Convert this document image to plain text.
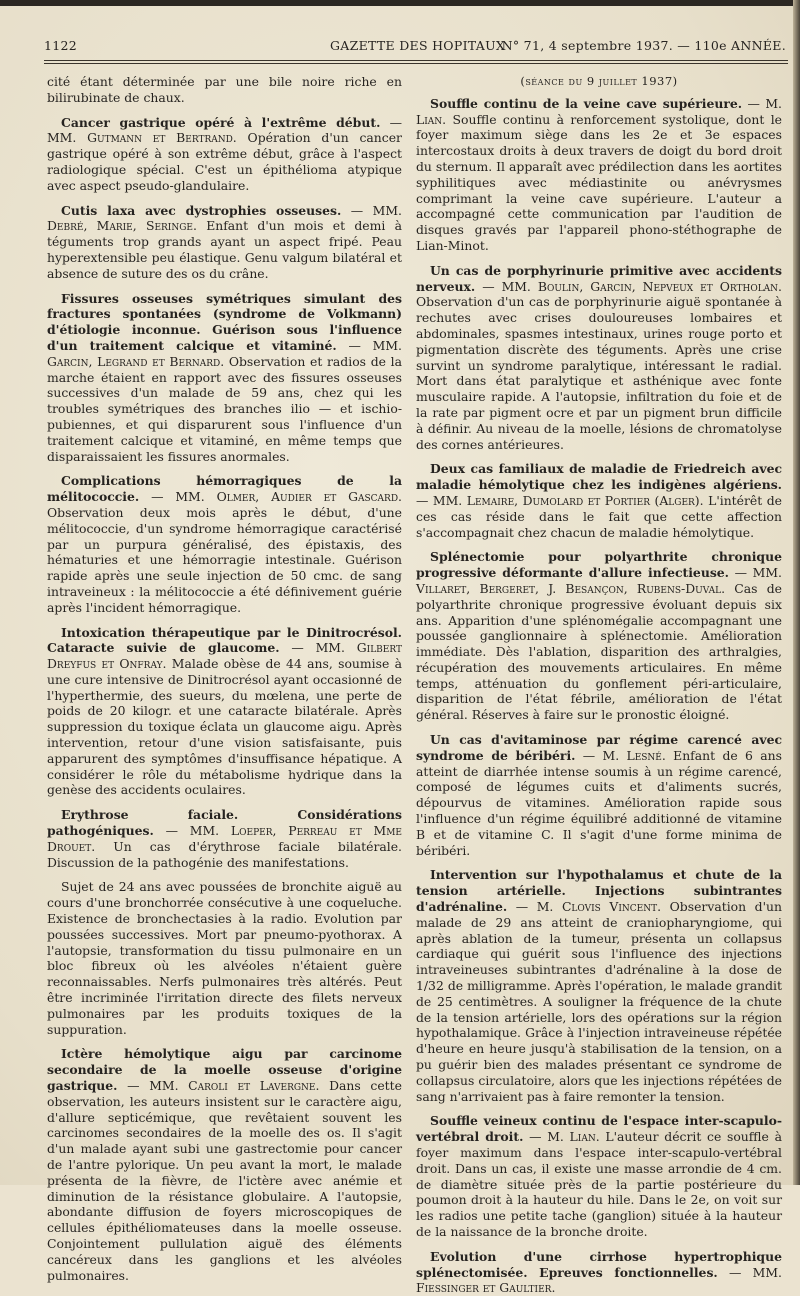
1122	GAZETTE DES HOPITAUX
N° 71, 4 septembre 1937. — 110e ANNÉE.

cité étant déterminée par une bile noire riche en bilirubinate de chaux.

Cancer gastrique opéré à l'extrême début. — MM. Gutmann et Bertrand. Opération d'un cancer gastrique opéré à son extrême début, grâce à l'aspect radiologique spécial. C'est un épithélioma atypique avec aspect pseudo-glandulaire.

Cutis laxa avec dystrophies osseuses. — MM. Debré, Marie, Seringe. Enfant d'un mois et demi à téguments trop grands ayant un aspect fripé. Peau hyperextensible peu élastique. Genu valgum bilatéral et absence de suture des os du crâne.

Fissures osseuses symétriques simulant des fractures spontanées (syndrome de Volkmann) d'étiologie inconnue. Guérison sous l'influence d'un traitement calcique et vitaminé. — MM. Garcin, Legrand et Bernard. Observation et radios de la marche étaient en rapport avec des fissures osseuses successives d'un malade de 59 ans, chez qui les troubles symétriques des branches ilio — et ischio-pubiennes, et qui disparurent sous l'influence d'un traitement calcique et vitaminé, en même temps que disparaissaient les fissures anormales.

Complications hémorragiques de la mélitococcie. — MM. Olmer, Audier et Gascard. Observation deux mois après le début, d'une mélitococcie, d'un syndrome hémorragique caractérisé par un purpura généralisé, des épistaxis, des hématuries et une hémorragie intestinale. Guérison rapide après une seule injection de 50 cmc. de sang intraveineux : la mélitococcie a été définivement guérie après l'incident hémorragique.

Intoxication thérapeutique par le Dinitrocrésol. Cataracte suivie de glaucome. — MM. Gilbert Dreyfus et Onfray. Malade obèse de 44 ans, soumise à une cure intensive de Dinitrocrésol ayant occasionné de l'hyperthermie, des sueurs, du mœlena, une perte de poids de 20 kilogr. et une cataracte bilatérale. Après suppression du toxique éclata un glaucome aigu. Après intervention, retour d'une vision satisfaisante, puis apparurent des symptômes d'insuffisance hépatique. A considérer le rôle du métabolisme hydrique dans la genèse des accidents oculaires.

Erythrose faciale. Considérations pathogéniques. — MM. Loeper, Perreau et Mme Drouet. Un cas d'érythrose faciale bilatérale. Discussion de la pathogénie des manifestations.

Sujet de 24 ans avec poussées de bronchite aiguë au cours d'une bronchorrée consécutive à une coqueluche. Existence de bronchectasies à la radio. Evolution par poussées successives. Mort par pneumo-pyothorax. A l'autopsie, transformation du tissu pulmonaire en un bloc fibreux où les alvéoles n'étaient guère reconnaissables. Nerfs pulmonaires très altérés. Peut être incriminée l'irritation directe des filets nerveux pulmonaires par les produits toxiques de la suppuration.

Ictère hémolytique aigu par carcinome secondaire de la moelle osseuse d'origine gastrique. — MM. Caroli et Lavergne. Dans cette observation, les auteurs insistent sur le caractère aigu, d'allure septicémique, que revêtaient souvent les carcinomes secondaires de la moelle des os. Il s'agit d'un malade ayant subi une gastrectomie pour cancer de l'antre pylorique. Un peu avant la mort, le malade présenta de la fièvre, de l'ictère avec anémie et diminution de la résistance globulaire. A l'autopsie, abondante diffusion de foyers microscopiques de cellules épithéliomateuses dans la moelle osseuse. Conjointement pullulation aiguë des éléments cancéreux dans les ganglions et les alvéoles pulmonaires.

(séance du 9 juillet 1937)

Souffle continu de la veine cave supérieure. — M. Lian. Souffle continu à renforcement systolique, dont le foyer maximum siège dans les 2e et 3e espaces intercostaux droits à deux travers de doigt du bord droit du sternum. Il apparaît avec prédilection dans les aortites syphilitiques avec médiastinite ou anévrysmes comprimant la veine cave supérieure. L'auteur a accompagné cette communication par l'audition de disques gravés par l'appareil phono-stéthographe de Lian-Minot.

Un cas de porphyrinurie primitive avec accidents nerveux. — MM. Boulin, Garcin, Nepveux et Ortholan. Observation d'un cas de porphyrinurie aiguë spontanée à rechutes avec crises douloureuses lombaires et abdominales, spasmes intestinaux, urines rouge porto et pigmentation discrète des téguments. Après une crise survint un syndrome paralytique, intéressant le radial. Mort dans état paralytique et asthénique avec fonte musculaire rapide. A l'autopsie, infiltration du foie et de la rate par pigment ocre et par un pigment brun difficile à définir. Au niveau de la moelle, lésions de chromatolyse des cornes antérieures.

Deux cas familiaux de maladie de Friedreich avec maladie hémolytique chez les indigènes algériens. — MM. Lemaire, Dumolard et Portier (Alger). L'intérêt de ces cas réside dans le fait que cette affection s'accompagnait chez chacun de maladie hémolytique.

Splénectomie pour polyarthrite chronique progressive déformante d'allure infectieuse. — MM. Villaret, Bergeret, J. Besançon, Rubens-Duval. Cas de polyarthrite chronique progressive évoluant depuis six ans. Apparition d'une splénomégalie accompagnant une poussée ganglionnaire à splénectomie. Amélioration immédiate. Dès l'ablation, disparition des arthralgies, récupération des mouvements articulaires. En même temps, atténuation du gonflement péri-articulaire, disparition de l'état fébrile, amélioration de l'état général. Réserves à faire sur le pronostic éloigné.

Un cas d'avitaminose par régime carencé avec syndrome de béribéri. — M. Lesné. Enfant de 6 ans atteint de diarrhée intense soumis à un régime carencé, composé de légumes cuits et d'aliments sucrés, dépourvus de vitamines. Amélioration rapide sous l'influence d'un régime équilibré additionné de vitamine B et de vitamine C. Il s'agit d'une forme minima de béribéri.

Intervention sur l'hypothalamus et chute de la tension artérielle. Injections subintrantes d'adrénaline. — M. Clovis Vincent. Observation d'un malade de 29 ans atteint de craniopharyngiome, qui après ablation de la tumeur, présenta un collapsus cardiaque qui guérit sous l'influence des injections intraveineuses subintrantes d'adrénaline à la dose de 1/32 de milligramme. Après l'opération, le malade grandit de 25 centimètres. A souligner la fréquence de la chute de la tension artérielle, lors des opérations sur la région hypothalamique. Grâce à l'injection intraveineuse répétée d'heure en heure jusqu'à stabilisation de la tension, on a pu guérir bien des malades présentant ce syndrome de collapsus circulatoire, alors que les injections répétées de sang n'arrivaient pas à faire remonter la tension.

Souffle veineux continu de l'espace inter-scapulo-vertébral droit. — M. Lian. L'auteur décrit ce souffle à foyer maximum dans l'espace inter-scapulo-vertébral droit. Dans un cas, il existe une masse arrondie de 4 cm. de diamètre située près de la partie postérieure du poumon droit à la hauteur du hile. Dans le 2e, on voit sur les radios une petite tache (ganglion) située à la hauteur de la naissance de la bronche droite.

Evolution d'une cirrhose hypertrophique splénectomisée. Epreuves fonctionnelles. — MM. Fiessinger et Gaultier.
